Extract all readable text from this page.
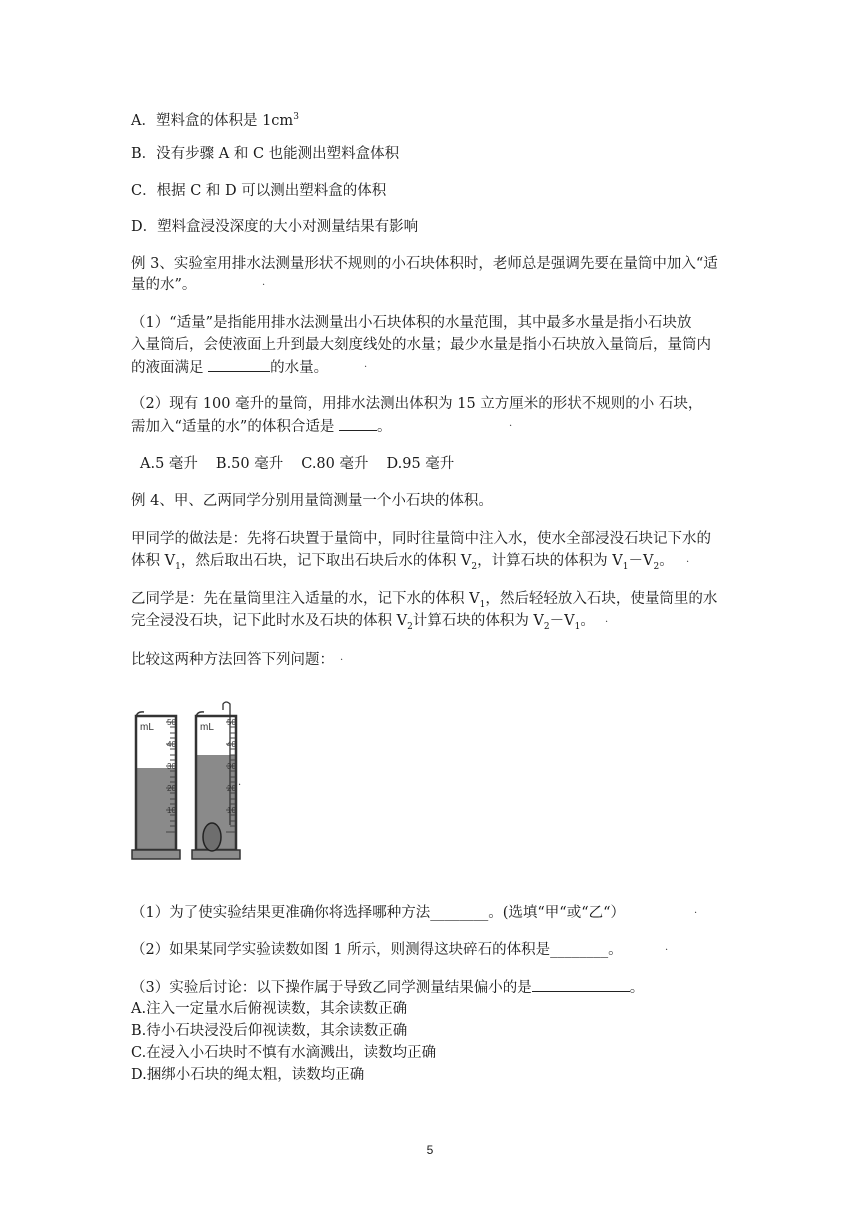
A．塑料盒的体积是 $1cm^3$
B．没有步骤 A 和 C 也能测出塑料盒体积
C．根据 C 和 D 可以测出塑料盒的体积
D．塑料盒浸没深度的大小对测量结果有影响
例 3、实验室用排水法测量形状不规则的小石块体积时，老师总是强调先要在量筒中加入“适
量的水”。	·
（1）“适量”是指能用排水法测量出小石块体积的水量范围，其中最多水量是指小石块放
入量筒后，会使液面上升到最大刻度线处的水量；最少水量是指小石块放入量筒后，量筒内
的液面满足	的水量。	·
（2）现有 100 毫升的量筒，用排水法测出体积为 15 立方厘米的形状不规则的小 石块，
需加入“适量的水”的体积合适是	。	·
A.5 毫升 B.50 毫升 C.80 毫升 D.95 毫升
例 4、甲、乙两同学分别用量筒测量一个小石块的体积。
甲同学的做法是：先将石块置于量筒中，同时往量筒中注入水，使水全部浸没石块记下水的
体积 $V_1$，然后取出石块，记下取出石块后水的体积 $V_2$，计算石块的体积为 $V_1-V_2$。 ·
乙同学是：先在量筒里注入适量的水，记下水的体积 $V_1$，然后轻轻放入石块，使量筒里的水
完全浸没石块，记下此时水及石块的体积 $V_2$计算石块的体积为 $V_2-V_1$。 ·
比较这两种方法回答下列问题： ·
mL 50
40
30
20
10
mL 50
40
30
20
10
·
（1）为了使实验结果更准确你将选择哪种方法________。(选填“甲“或“乙“）	·
（2）如果某同学实验读数如图 1 所示，则测得这块碎石的体积是________。	·
（3）实验后讨论：以下操作属于导致乙同学测量结果偏小的是	。
A.注入一定量水后俯视读数，其余读数正确
B.待小石块浸没后仰视读数，其余读数正确
C.在浸入小石块时不慎有水滴溅出，读数均正确
D.捆绑小石块的绳太粗，读数均正确
5
